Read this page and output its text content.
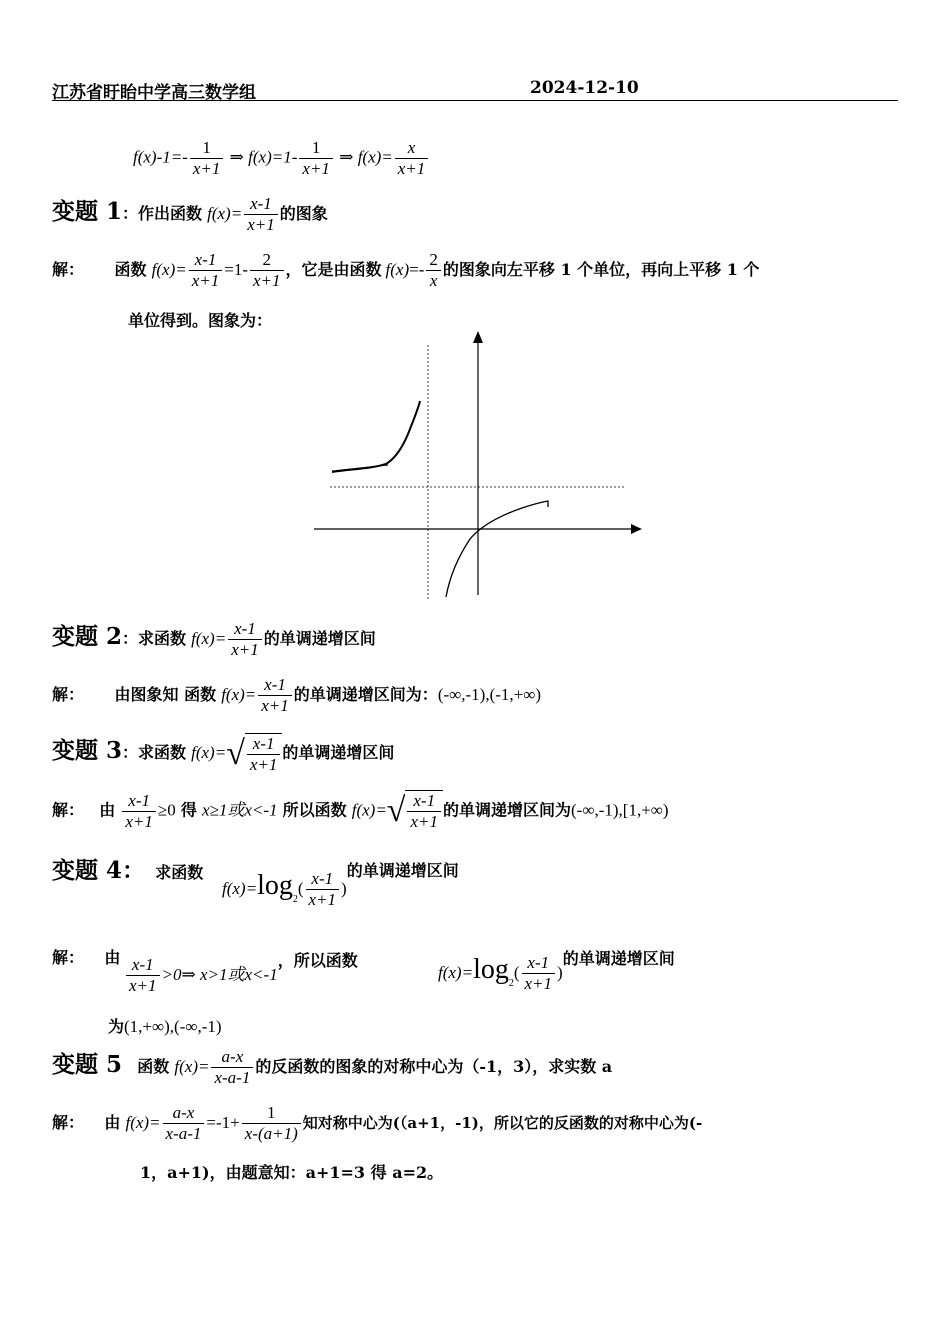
江苏省盱眙中学高三数学组	2024-12-10
$f(x)-1=- \frac{1}{x+1}$ ⇒ $f(x)=1- \frac{1}{x+1}$ ⇒ $f(x)= \frac{x}{x+1}$
变题 1：作出函数 $f(x)= \frac{x-1}{x+1}$ 的图象
解： 函数 $f(x)= \frac{x-1}{x+1} =1- \frac{2}{x+1}$ ，它是由函数 $f(x)=- \frac{2}{x}$ 的图象向左平移 1 个单位，再向上平移 1 个
单位得到。图象为：
变题 2：求函数 $f(x)= \frac{x-1}{x+1}$ 的单调递增区间
解： 由图象知 函数 $f(x)= \frac{x-1}{x+1}$ 的单调递增区间为：(-∞,-1),(-1,+∞)
变题 3：求函数 $f(x)=√ \frac{x-1}{x+1}$ 的单调递增区间
解： 由 $\frac{x-1}{x+1} \ge 0$ 得 x≥1或x<-1 所以函数 $f(x)=√ \frac{x-1}{x+1}$ 的单调递增区间为(-∞,-1),[1,+∞)
变题 4： 求函数
$f(x)=\log_2( \frac{x-1}{x+1}$ )的单调递增区间
解： 由 $\frac{x-1}{x+1}$ >0⇒ x>1或x<-1，所以函数
$f(x)=\log_2( \frac{x-1}{x+1}$ )的单调递增区间
为(1,+∞),(-∞,-1)
变题 5 函数 $f(x)= \frac{a-x}{x-a-1}$ 的反函数的图象的对称中心为（-1，3），求实数 a
解： 由 $f(x)= \frac{a-x}{x-a-1} =-1+ \frac{1}{x-(a+1)}$ 知对称中心为(（a+1，-1)，所以它的反函数的对称中心为(-
1，a+1)，由题意知：a+1=3 得 a=2。
